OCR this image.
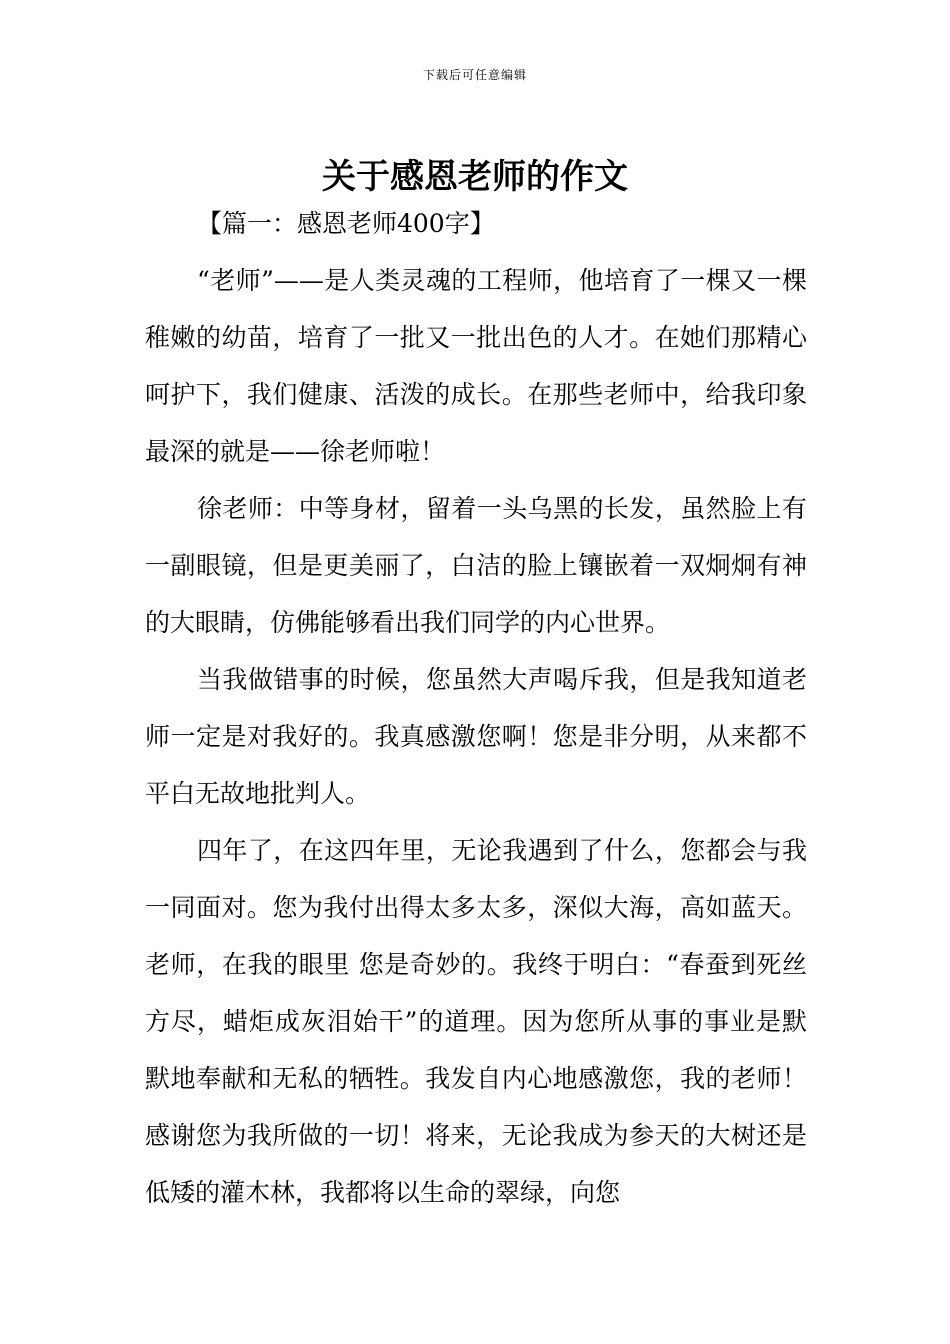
下载后可任意编辑
关于感恩老师的作文

【篇一：感恩老师400字】

“老师”——是人类灵魂的工程师，他培育了一棵又一棵稚嫩的幼苗，培育了一批又一批出色的人才。在她们那精心呵护下，我们健康、活泼的成长。在那些老师中，给我印象最深的就是——徐老师啦！

徐老师：中等身材，留着一头乌黑的长发，虽然脸上有一副眼镜，但是更美丽了，白洁的脸上镶嵌着一双炯炯有神的大眼睛，仿佛能够看出我们同学的内心世界。

当我做错事的时候，您虽然大声喝斥我，但是我知道老师一定是对我好的。我真感激您啊！您是非分明，从来都不平白无故地批判人。

四年了，在这四年里，无论我遇到了什么，您都会与我一同面对。您为我付出得太多太多，深似大海，高如蓝天。老师，在我的眼里 您是奇妙的。我终于明白：“春蚕到死丝方尽，蜡炬成灰泪始干”的道理。因为您所从事的事业是默默地奉献和无私的牺牲。我发自内心地感激您，我的老师！感谢您为我所做的一切！将来，无论我成为参天的大树还是低矮的灌木林，我都将以生命的翠绿，向您
